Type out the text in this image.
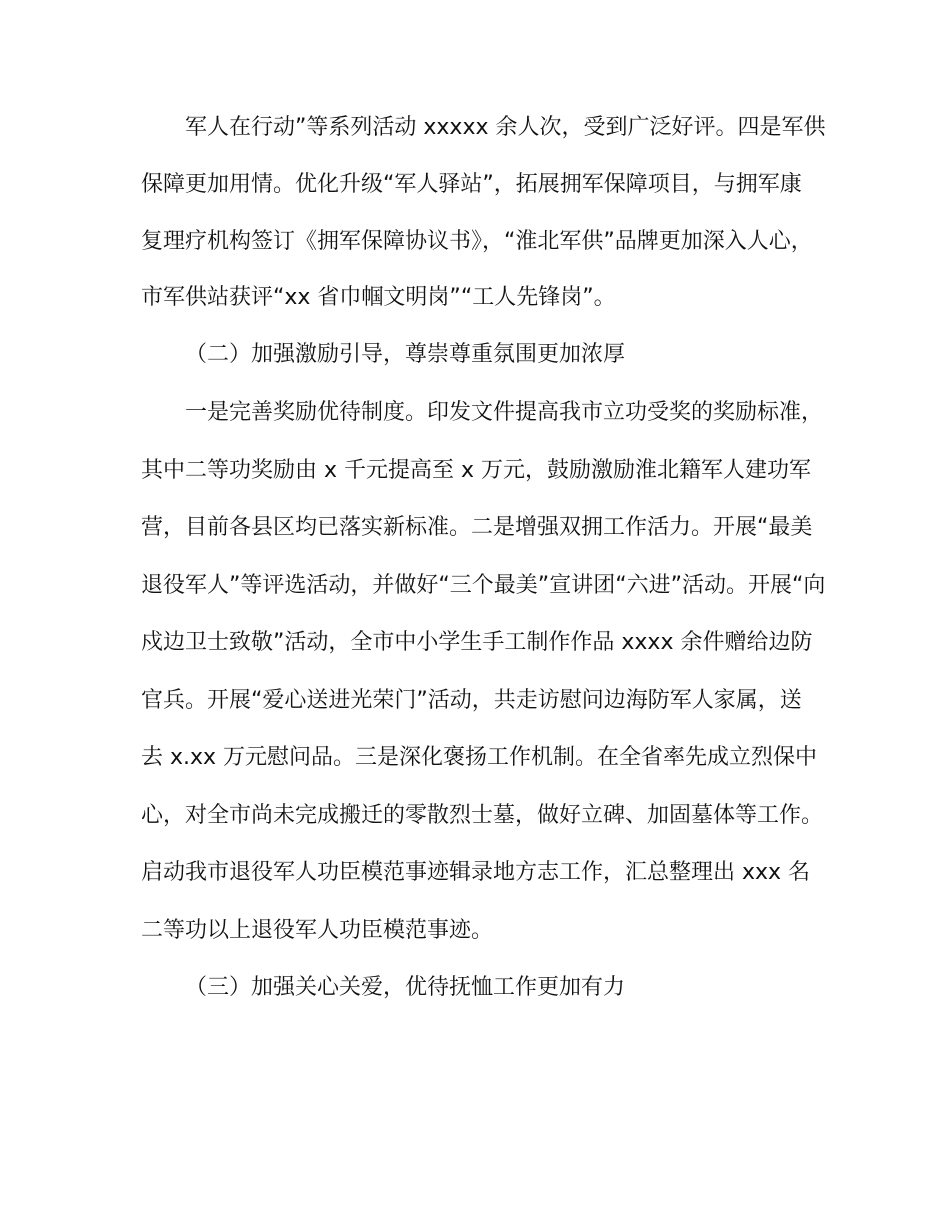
军人在行动”等系列活动 xxxxx 余人次，受到广泛好评。四是军供
保障更加用情。优化升级“军人驿站”，拓展拥军保障项目，与拥军康
复理疗机构签订《拥军保障协议书》，“淮北军供”品牌更加深入人心，
市军供站获评“xx 省巾帼文明岗”“工人先锋岗”。
（二）加强激励引导，尊崇尊重氛围更加浓厚
一是完善奖励优待制度。印发文件提高我市立功受奖的奖励标准，
其中二等功奖励由 x 千元提高至 x 万元，鼓励激励淮北籍军人建功军
营，目前各县区均已落实新标准。二是增强双拥工作活力。开展“最美
退役军人”等评选活动，并做好“三个最美”宣讲团“六进”活动。开展“向
戍边卫士致敬”活动，全市中小学生手工制作作品 xxxx 余件赠给边防
官兵。开展“爱心送进光荣门”活动，共走访慰问边海防军人家属，送
去 x.xx 万元慰问品。三是深化褒扬工作机制。在全省率先成立烈保中
心，对全市尚未完成搬迁的零散烈士墓，做好立碑、加固墓体等工作。
启动我市退役军人功臣模范事迹辑录地方志工作，汇总整理出 xxx 名
二等功以上退役军人功臣模范事迹。
（三）加强关心关爱，优待抚恤工作更加有力
